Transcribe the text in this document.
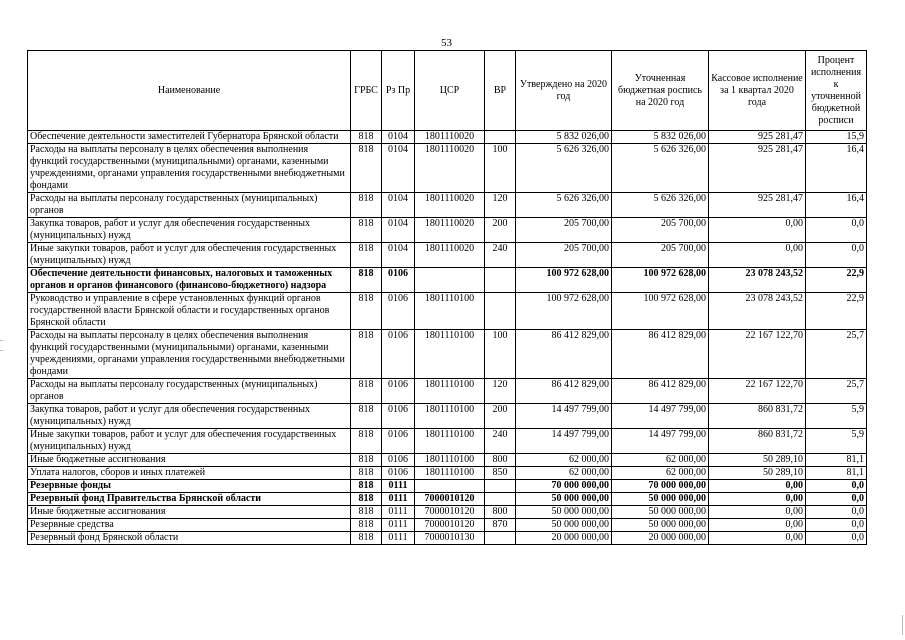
53
Наименование	ГРБС	Рз Пр	ЦСР	ВР	Утверждено на 2020 год	Уточненная бюджетная роспись на 2020 год	Кассовое исполнение за 1 квартал 2020 года	Процент исполнения к уточненной бюджетной росписи
Обеспечение деятельности заместителей Губернатора Брянской области	818	0104	1801110020		5 832 026,00	5 832 026,00	925 281,47	15,9
Расходы на выплаты персоналу в целях обеспечения выполнения функций государственными (муниципальными) органами, казенными учреждениями, органами управления государственными внебюджетными фондами	818	0104	1801110020	100	5 626 326,00	5 626 326,00	925 281,47	16,4
Расходы на выплаты персоналу государственных (муниципальных) органов	818	0104	1801110020	120	5 626 326,00	5 626 326,00	925 281,47	16,4
Закупка товаров, работ и услуг для обеспечения государственных (муниципальных) нужд	818	0104	1801110020	200	205 700,00	205 700,00	0,00	0,0
Иные закупки товаров, работ и услуг для обеспечения государственных (муниципальных) нужд	818	0104	1801110020	240	205 700,00	205 700,00	0,00	0,0
Обеспечение деятельности финансовых, налоговых и таможенных органов и органов финансового (финансово-бюджетного) надзора	818	0106			100 972 628,00	100 972 628,00	23 078 243,52	22,9
Руководство и управление в сфере установленных функций органов государственной власти Брянской области и государственных органов Брянской области	818	0106	1801110100		100 972 628,00	100 972 628,00	23 078 243,52	22,9
Расходы на выплаты персоналу в целях обеспечения выполнения функций государственными (муниципальными) органами, казенными учреждениями, органами управления государственными внебюджетными фондами	818	0106	1801110100	100	86 412 829,00	86 412 829,00	22 167 122,70	25,7
Расходы на выплаты персоналу государственных (муниципальных) органов	818	0106	1801110100	120	86 412 829,00	86 412 829,00	22 167 122,70	25,7
Закупка товаров, работ и услуг для обеспечения государственных (муниципальных) нужд	818	0106	1801110100	200	14 497 799,00	14 497 799,00	860 831,72	5,9
Иные закупки товаров, работ и услуг для обеспечения государственных (муниципальных) нужд	818	0106	1801110100	240	14 497 799,00	14 497 799,00	860 831,72	5,9
Иные бюджетные ассигнования	818	0106	1801110100	800	62 000,00	62 000,00	50 289,10	81,1
Уплата налогов, сборов и иных платежей	818	0106	1801110100	850	62 000,00	62 000,00	50 289,10	81,1
Резервные фонды	818	0111			70 000 000,00	70 000 000,00	0,00	0,0
Резервный фонд Правительства Брянской области	818	0111	7000010120		50 000 000,00	50 000 000,00	0,00	0,0
Иные бюджетные ассигнования	818	0111	7000010120	800	50 000 000,00	50 000 000,00	0,00	0,0
Резервные средства	818	0111	7000010120	870	50 000 000,00	50 000 000,00	0,00	0,0
Резервный фонд Брянской области	818	0111	7000010130		20 000 000,00	20 000 000,00	0,00	0,0
